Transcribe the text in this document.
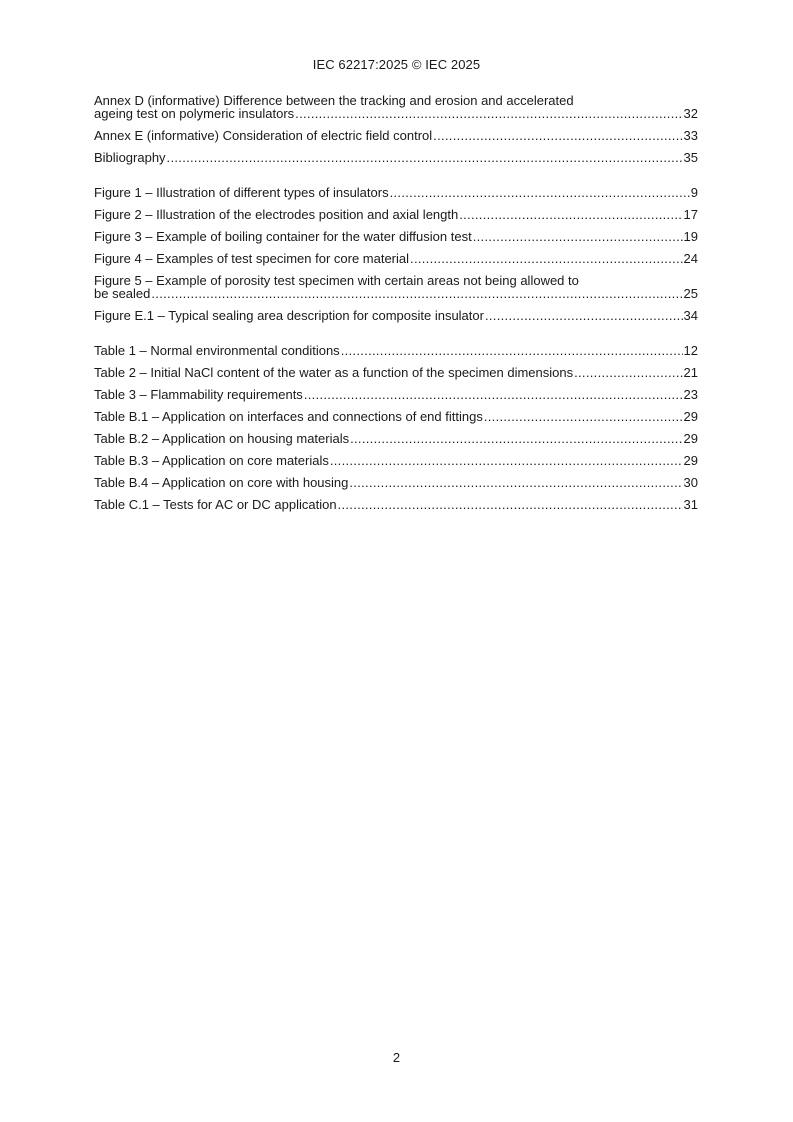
IEC 62217:2025 © IEC 2025
Annex D (informative) Difference between the tracking and erosion and accelerated
ageing test on polymeric insulators .....	32
Annex E (informative) Consideration of electric field control .....	33
Bibliography .....	35
Figure 1 – Illustration of different types of insulators .....	9
Figure 2 – Illustration of the electrodes position and axial length .....	17
Figure 3 – Example of boiling container for the water diffusion test .....	19
Figure 4 – Examples of test specimen for core material .....	24
Figure 5 – Example of porosity test specimen with certain areas not being allowed to
be sealed .....	25
Figure E.1 – Typical sealing area description for composite insulator .....	34
Table 1 – Normal environmental conditions .....	12
Table 2 – Initial NaCl content of the water as a function of the specimen dimensions .....	21
Table 3 – Flammability requirements .....	23
Table B.1 – Application on interfaces and connections of end fittings .....	29
Table B.2 – Application on housing materials .....	29
Table B.3 – Application on core materials .....	29
Table B.4 – Application on core with housing .....	30
Table C.1 – Tests for AC or DC application .....	31
2
